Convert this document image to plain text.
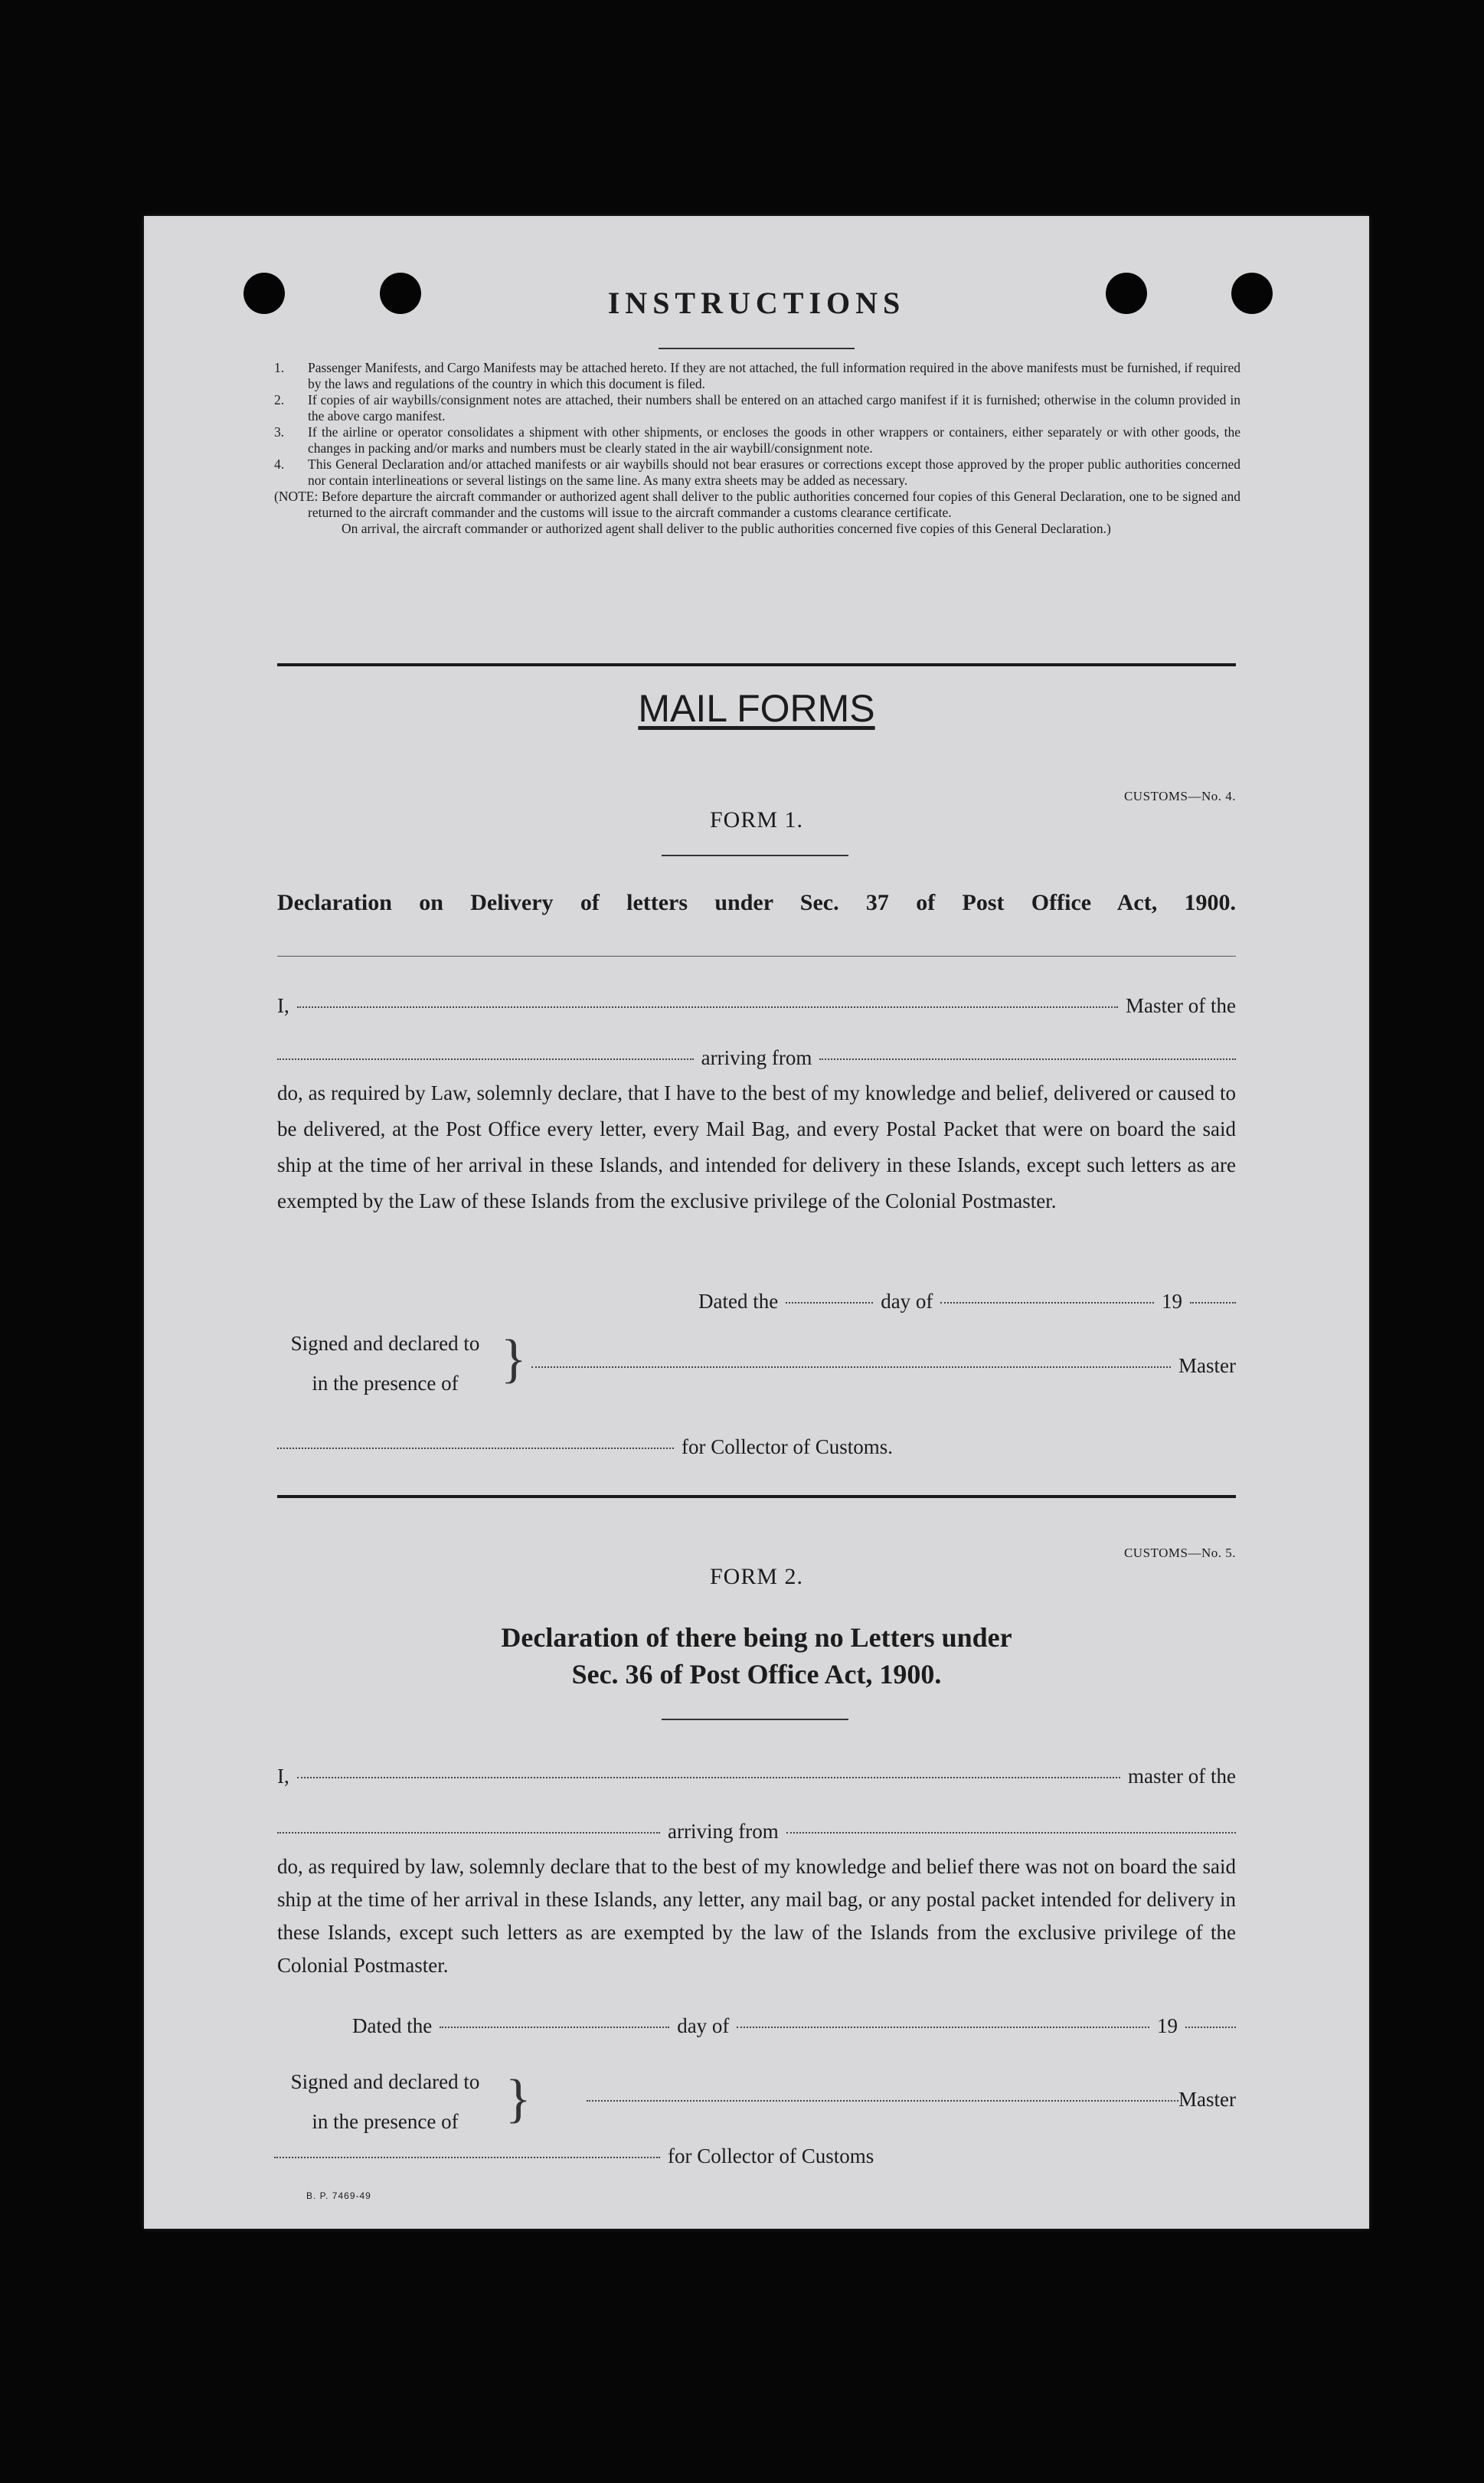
INSTRUCTIONS
1. Passenger Manifests, and Cargo Manifests may be attached hereto. If they are not attached, the full information required in the above manifests must be furnished, if required by the laws and regulations of the country in which this document is filed.
2. If copies of air waybills/consignment notes are attached, their numbers shall be entered on an attached cargo manifest if it is furnished; otherwise in the column provided in the above cargo manifest.
3. If the airline or operator consolidates a shipment with other shipments, or encloses the goods in other wrappers or containers, either separately or with other goods, the changes in packing and/or marks and numbers must be clearly stated in the air waybill/consignment note.
4. This General Declaration and/or attached manifests or air waybills should not bear erasures or corrections except those approved by the proper public authorities concerned nor contain interlineations or several listings on the same line. As many extra sheets may be added as necessary.

(NOTE: Before departure the aircraft commander or authorized agent shall deliver to the public authorities concerned four copies of this General Declaration, one to be signed and returned to the aircraft commander and the customs will issue to the aircraft commander a customs clearance certificate.

On arrival, the aircraft commander or authorized agent shall deliver to the public authorities concerned five copies of this General Declaration.)

MAIL FORMS
CUSTOMS—No. 4.
FORM 1.
Declaration on Delivery of letters under Sec. 37 of Post Office Act, 1900.
I,	Master of the
arriving from
do, as required by Law, solemnly declare, that I have to the best of my knowledge and belief, delivered or caused to be delivered, at the Post Office every letter, every Mail Bag, and every Postal Packet that were on board the said ship at the time of her arrival in these Islands, and intended for delivery in these Islands, except such letters as are exempted by the Law of these Islands from the exclusive privilege of the Colonial Postmaster.
Dated the	day of	19
Signed and declared to
in the presence of }	Master
for Collector of Customs.
CUSTOMS—No. 5.
FORM 2.
Declaration of there being no Letters under
Sec. 36 of Post Office Act, 1900.
I,	master of the
arriving from
do, as required by law, solemnly declare that to the best of my knowledge and belief there was not on board the said ship at the time of her arrival in these Islands, any letter, any mail bag, or any postal packet intended for delivery in these Islands, except such letters as are exempted by the law of the Islands from the exclusive privilege of the Colonial Postmaster.
Dated the	day of	19
Signed and declared to
in the presence of }	Master
for Collector of Customs
B. P. 7469-49
